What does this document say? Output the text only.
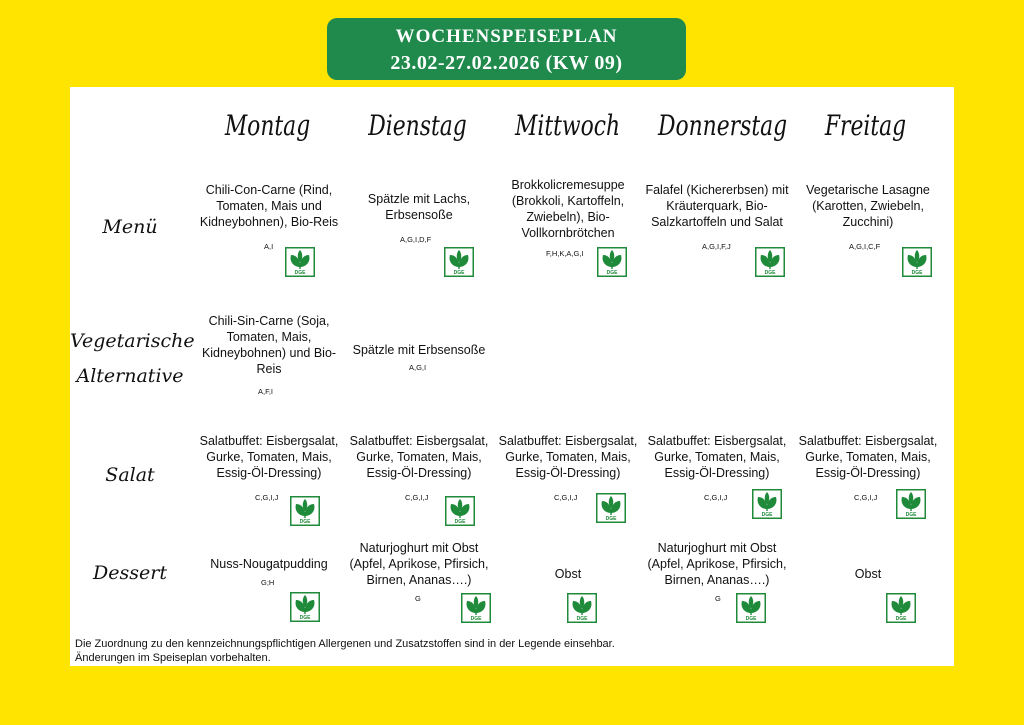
WOCHENSPEISEPLAN
23.02-27.02.2026 (KW 09)
Montag	Dienstag Mittwoch Donnerstag	Freitag
Menü
Vegetarische
Alternative
Salat
Dessert
Chili-Con-Carne (Rind, Tomaten, Mais und Kidneybohnen), Bio-Reis
A,I
DGE
Spätzle mit Lachs, Erbsensoße
A,G,I,D,F
DGE
Brokkolicremesuppe (Brokkoli, Kartoffeln, Zwiebeln), Bio-Vollkornbrötchen
F,H,K,A,G,I
DGE
Falafel (Kichererbsen) mit Kräuterquark, Bio-Salzkartoffeln und Salat
A,G,I,F,J
DGE
Vegetarische Lasagne (Karotten, Zwiebeln, Zucchini)
A,G,I,C,F
DGE
Chili-Sin-Carne (Soja, Tomaten, Mais, Kidneybohnen) und Bio-Reis
A,F,I
Spätzle mit Erbsensoße
A,G,I
Salatbuffet: Eisbergsalat, Gurke, Tomaten, Mais, Essig-Öl-Dressing)
C,G,I,J
DGE
Salatbuffet: Eisbergsalat, Gurke, Tomaten, Mais, Essig-Öl-Dressing)
C,G,I,J
DGE
Salatbuffet: Eisbergsalat, Gurke, Tomaten, Mais, Essig-Öl-Dressing)
C,G,I,J
DGE
Salatbuffet: Eisbergsalat, Gurke, Tomaten, Mais, Essig-Öl-Dressing)
C,G,I,J
DGE
Salatbuffet: Eisbergsalat, Gurke, Tomaten, Mais, Essig-Öl-Dressing)
C,G,I,J
DGE
Nuss-Nougatpudding
G;H
DGE
Naturjoghurt mit Obst (Apfel, Aprikose, Pfirsich, Birnen, Ananas….)
G
DGE
Obst
DGE
Naturjoghurt mit Obst (Apfel, Aprikose, Pfirsich, Birnen, Ananas….)
G
DGE
Obst
DGE
Die Zuordnung zu den kennzeichnungspflichtigen Allergenen und Zusatzstoffen sind in der Legende einsehbar.
Änderungen im Speiseplan vorbehalten.
